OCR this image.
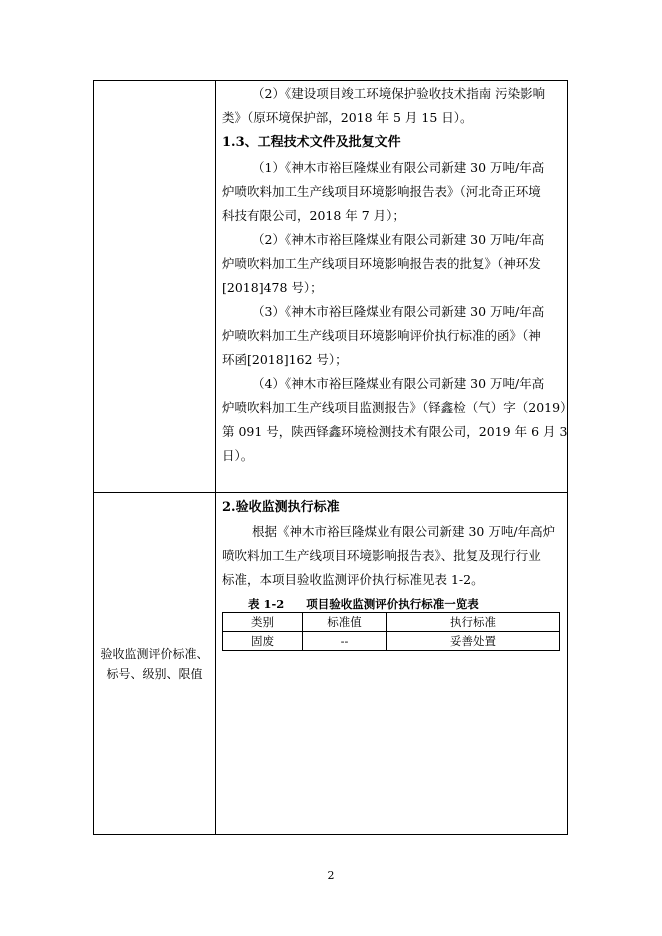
（2）《建设项目竣工环境保护验收技术指南 污染影响
类》（原环境保护部，2018 年 5 月 15 日）。
1.3、工程技术文件及批复文件
（1）《神木市裕巨隆煤业有限公司新建 30 万吨/年高
炉喷吹料加工生产线项目环境影响报告表》（河北奇正环境
科技有限公司，2018 年 7 月）；
（2）《神木市裕巨隆煤业有限公司新建 30 万吨/年高
炉喷吹料加工生产线项目环境影响报告表的批复》（神环发
[2018]478 号）；
（3）《神木市裕巨隆煤业有限公司新建 30 万吨/年高
炉喷吹料加工生产线项目环境影响评价执行标准的函》（神
环函[2018]162 号）；
（4）《神木市裕巨隆煤业有限公司新建 30 万吨/年高
炉喷吹料加工生产线项目监测报告》（铎鑫检（气）字（2019）
第 091 号，陕西铎鑫环境检测技术有限公司，2019 年 6 月 3
日）。
验收监测评价标准、标号、级别、限值
2.验收监测执行标准
根据《神木市裕巨隆煤业有限公司新建 30 万吨/年高炉
喷吹料加工生产线项目环境影响报告表》、批复及现行行业
标准，本项目验收监测评价执行标准见表 1-2。
表 1-2 项目验收监测评价执行标准一览表
类别	标准值	执行标准
固废	--	妥善处置
2
